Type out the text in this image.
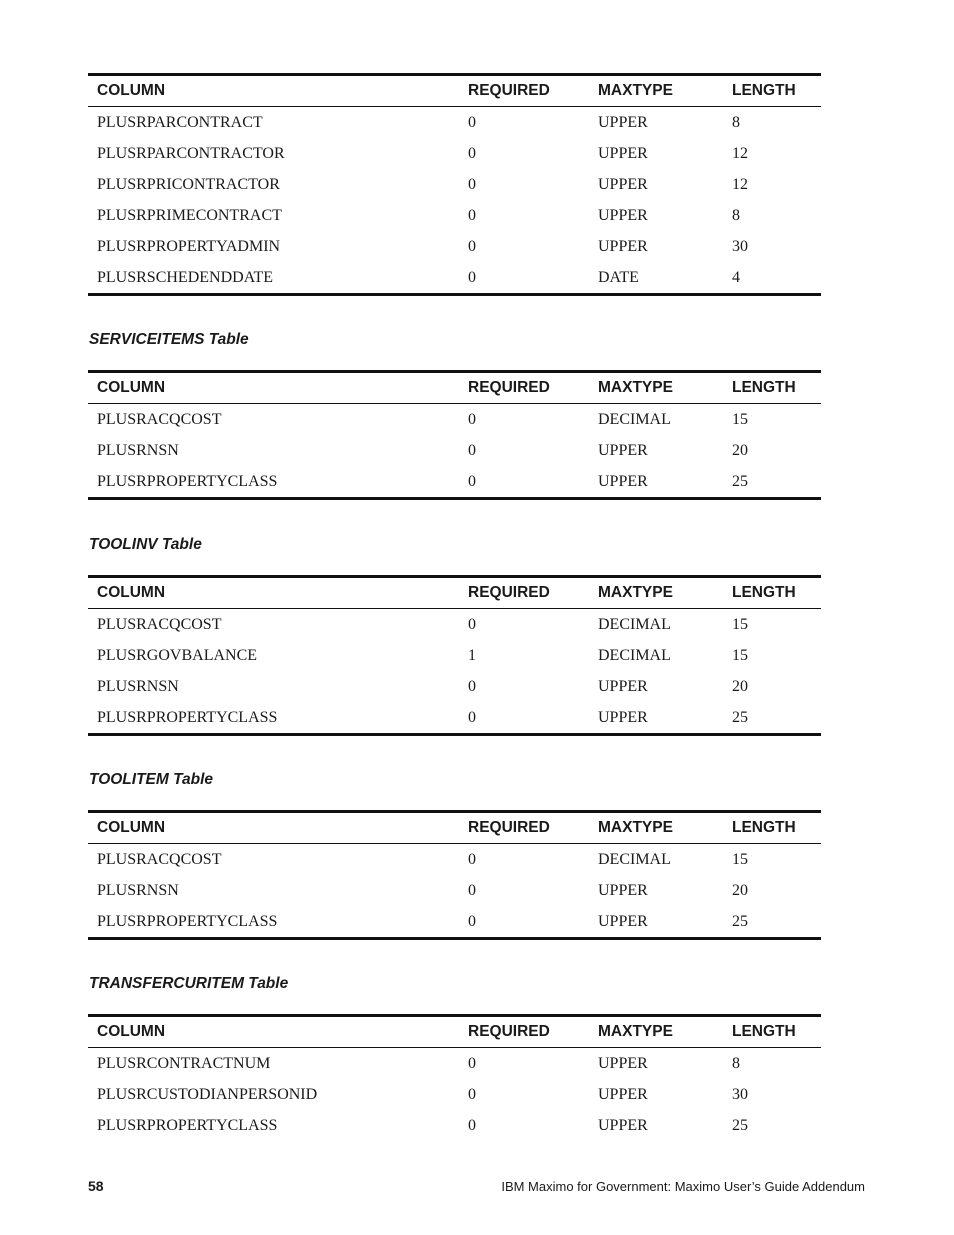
COLUMN	REQUIRED	MAXTYPE	LENGTH
PLUSRPARCONTRACT	0	UPPER	8
PLUSRPARCONTRACTOR	0	UPPER	12
PLUSRPRICONTRACTOR	0	UPPER	12
PLUSRPRIMECONTRACT	0	UPPER	8
PLUSRPROPERTYADMIN	0	UPPER	30
PLUSRSCHEDENDDATE	0	DATE	4
SERVICEITEMS Table
COLUMN	REQUIRED	MAXTYPE	LENGTH
PLUSRACQCOST	0	DECIMAL	15
PLUSRNSN	0	UPPER	20
PLUSRPROPERTYCLASS	0	UPPER	25
TOOLINV Table
COLUMN	REQUIRED	MAXTYPE	LENGTH
PLUSRACQCOST	0	DECIMAL	15
PLUSRGOVBALANCE	1	DECIMAL	15
PLUSRNSN	0	UPPER	20
PLUSRPROPERTYCLASS	0	UPPER	25
TOOLITEM Table
COLUMN	REQUIRED	MAXTYPE	LENGTH
PLUSRACQCOST	0	DECIMAL	15
PLUSRNSN	0	UPPER	20
PLUSRPROPERTYCLASS	0	UPPER	25
TRANSFERCURITEM Table
COLUMN	REQUIRED	MAXTYPE	LENGTH
PLUSRCONTRACTNUM	0	UPPER	8
PLUSRCUSTODIANPERSONID	0	UPPER	30
PLUSRPROPERTYCLASS	0	UPPER	25
58	IBM Maximo for Government: Maximo User’s Guide Addendum
